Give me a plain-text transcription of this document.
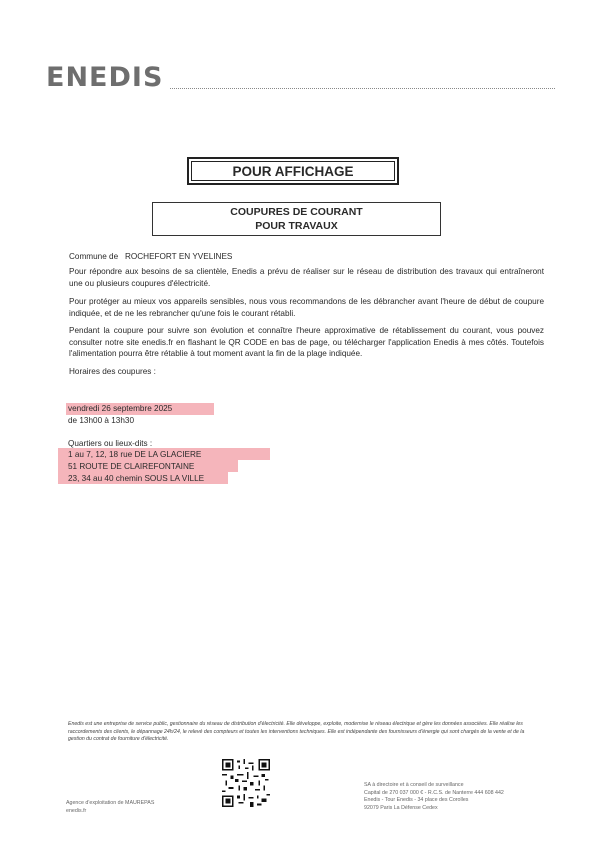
ENEDIS
POUR AFFICHAGE
COUPURES DE COURANT
POUR TRAVAUX
Commune de ROCHEFORT EN YVELINES
Pour répondre aux besoins de sa clientèle, Enedis a prévu de réaliser sur le réseau de distribution des travaux qui entraîneront une ou plusieurs coupures d'électricité.
Pour protéger au mieux vos appareils sensibles, nous vous recommandons de les débrancher avant l'heure de début de coupure indiquée, et de ne les rebrancher qu'une fois le courant rétabli.
Pendant la coupure pour suivre son évolution et connaître l'heure approximative de rétablissement du courant, vous pouvez consulter notre site enedis.fr en flashant le QR CODE en bas de page, ou télécharger l'application Enedis à mes côtés. Toutefois l'alimentation pourra être rétablie à tout moment avant la fin de la plage indiquée.
Horaires des coupures :
vendredi 26 septembre 2025
de 13h00 à 13h30
Quartiers ou lieux-dits :
1 au 7, 12, 18 rue DE LA GLACIERE
51 ROUTE DE CLAIREFONTAINE
23, 34 au 40 chemin SOUS LA VILLE
Enedis est une entreprise de service public, gestionnaire du réseau de distribution d'électricité. Elle développe, exploite, modernise le réseau électrique et gère les données associées. Elle réalise les raccordements des clients, le dépannage 24h/24, le relevé des compteurs et toutes les interventions techniques. Elle est indépendante des fournisseurs d'énergie qui sont chargés de la vente et de la gestion du contrat de fourniture d'électricité.
Agence d'exploitation de MAUREPAS
enedis.fr
SA à directoire et à conseil de surveillance
Capital de 270 037 000 € - R.C.S. de Nanterre 444 608 442
Enedis - Tour Enedis - 34 place des Corolles
92079 Paris La Défense Cedex
